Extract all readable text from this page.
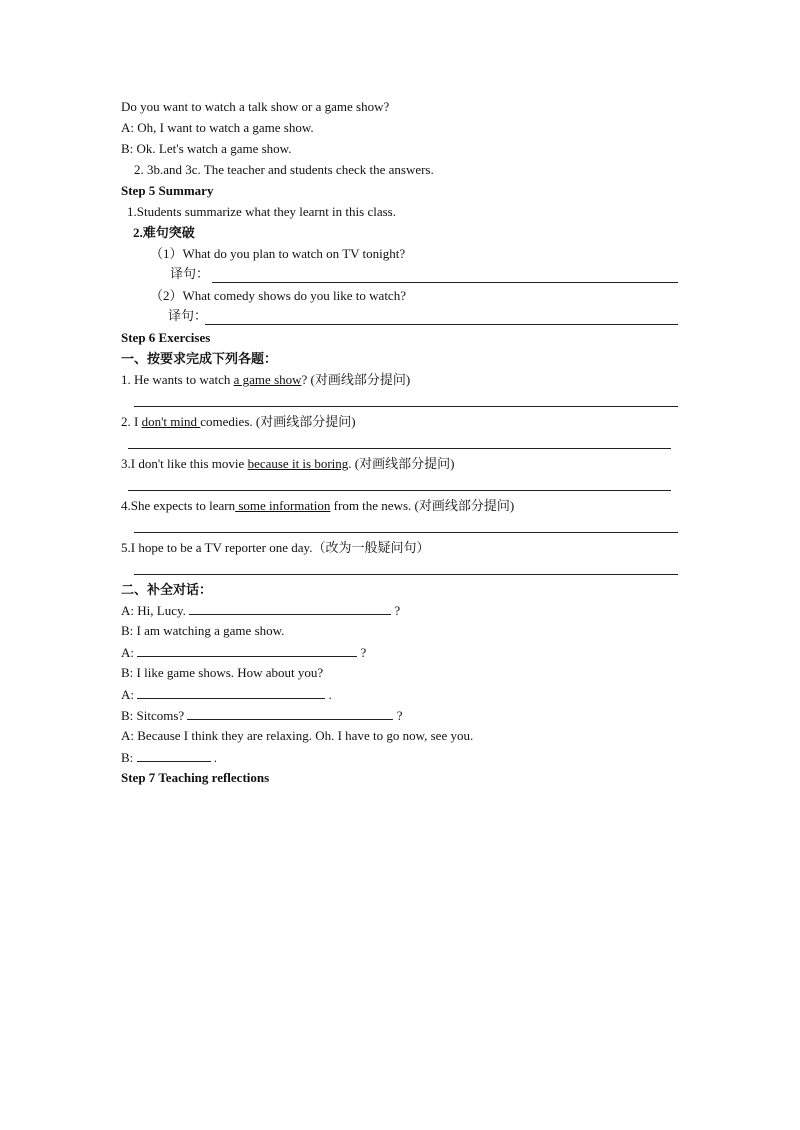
Do you want to watch a talk show or a game show?
A: Oh, I want to watch a game show.
B: Ok. Let's watch a game show.
2. 3b.and 3c. The teacher and students check the answers.
Step 5 Summary
1.Students summarize what they learnt in this class.
2.难句突破
（1）What do you plan to watch on TV tonight?
译句：
（2）What comedy shows do you like to watch?
译句：
Step 6 Exercises
一、按要求完成下列各题：
1. He wants to watch a game show? (对画线部分提问)
2. I don't mind comedies. (对画线部分提问)
3.I don't like this movie because it is boring. (对画线部分提问)
4.She expects to learn some information from the news. (对画线部分提问)
5.I hope to be a TV reporter one day.（改为一般疑问句）
二、补全对话：
A: Hi, Lucy.	?
B: I am watching a game show.
A:	?
B: I like game shows. How about you?
A:	.
B: Sitcoms?	?
A: Because I think they are relaxing. Oh. I have to go now, see you.
B:	.
Step 7 Teaching reflections
